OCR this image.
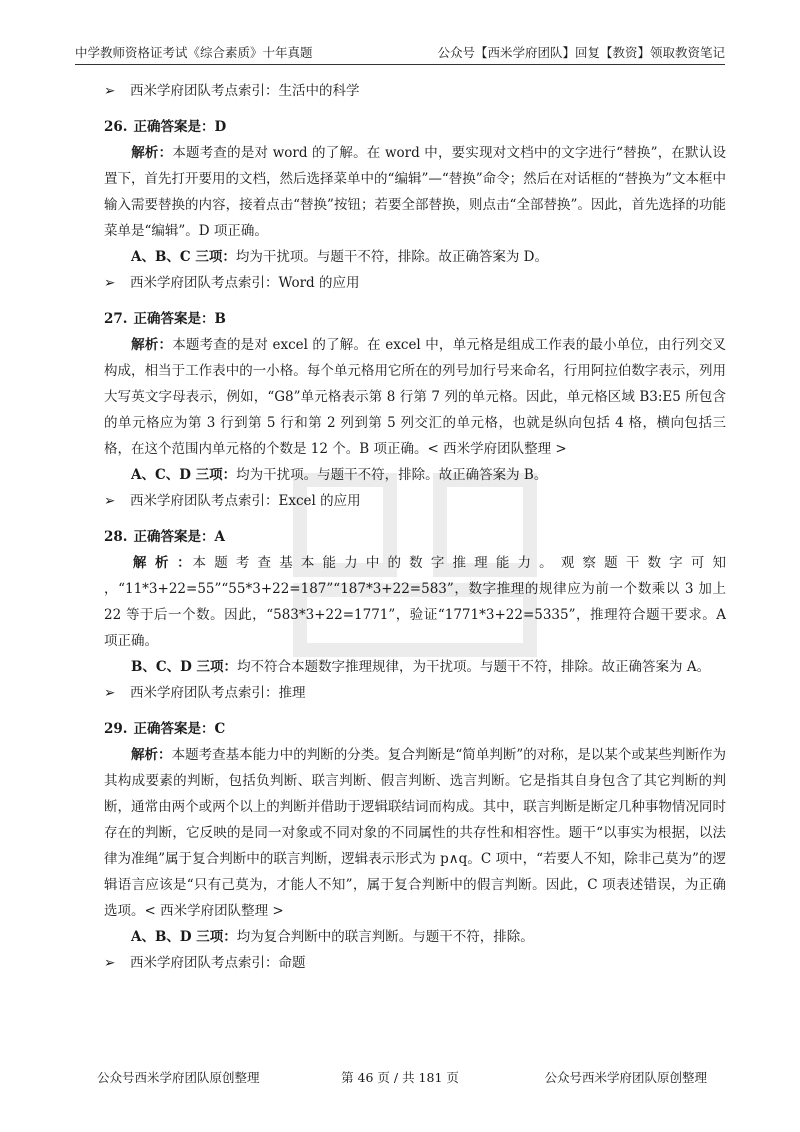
中学教师资格证考试《综合素质》十年真题	公众号【西米学府团队】回复【教资】领取教资笔记
➢ 西米学府团队考点索引：生活中的科学
26. 正确答案是：D
  解析：本题考查的是对 word 的了解。在 word 中，要实现对文档中的文字进行“替换”，在默认设置下，首先打开要用的文档，然后选择菜单中的“编辑”—“替换”命令；然后在对话框的“替换为”文本框中输入需要替换的内容，接着点击“替换”按钮；若要全部替换，则点击“全部替换”。因此，首先选择的功能菜单是“编辑”。D 项正确。
  A、B、C 三项：均为干扰项。与题干不符，排除。故正确答案为 D。
➢ 西米学府团队考点索引：Word 的应用
27. 正确答案是：B
  解析：本题考查的是对 excel 的了解。在 excel 中，单元格是组成工作表的最小单位，由行列交叉构成，相当于工作表中的一小格。每个单元格用它所在的列号加行号来命名，行用阿拉伯数字表示，列用大写英文字母表示，例如，“G8”单元格表示第 8 行第 7 列的单元格。因此，单元格区域 B3:E5 所包含的单元格应为第 3 行到第 5 行和第 2 列到第 5 列交汇的单元格，也就是纵向包括 4 格，横向包括三格，在这个范围内单元格的个数是 12 个。B 项正确。< 西米学府团队整理 >
  A、C、D 三项：均为干扰项。与题干不符，排除。故正确答案为 B。
➢ 西米学府团队考点索引：Excel 的应用
28. 正确答案是：A
  解 析 ：本 题 考 查 基 本 能 力 中 的 数 字 推 理 能 力 。 观 察 题 干 数 字 可 知 ，“11*3+22=55”“55*3+22=187”“187*3+22=583”，数字推理的规律应为前一个数乘以 3 加上 22 等于后一个数。因此，“583*3+22=1771”，验证“1771*3+22=5335”，推理符合题干要求。A 项正确。
  B、C、D 三项：均不符合本题数字推理规律，为干扰项。与题干不符，排除。故正确答案为 A。
➢ 西米学府团队考点索引：推理
29. 正确答案是：C
  解析：本题考查基本能力中的判断的分类。复合判断是“简单判断”的对称，是以某个或某些判断作为其构成要素的判断，包括负判断、联言判断、假言判断、选言判断。它是指其自身包含了其它判断的判断，通常由两个或两个以上的判断并借助于逻辑联结词而构成。其中，联言判断是断定几种事物情况同时存在的判断，它反映的是同一对象或不同对象的不同属性的共存性和相容性。题干“以事实为根据，以法律为准绳”属于复合判断中的联言判断，逻辑表示形式为 p∧q。C 项中，“若要人不知，除非己莫为”的逻辑语言应该是“只有己莫为，才能人不知”，属于复合判断中的假言判断。因此，C 项表述错误，为正确选项。< 西米学府团队整理 >
  A、B、D 三项：均为复合判断中的联言判断。与题干不符，排除。
➢ 西米学府团队考点索引：命题
公众号西米学府团队原创整理	第 46 页 / 共 181 页	公众号西米学府团队原创整理
